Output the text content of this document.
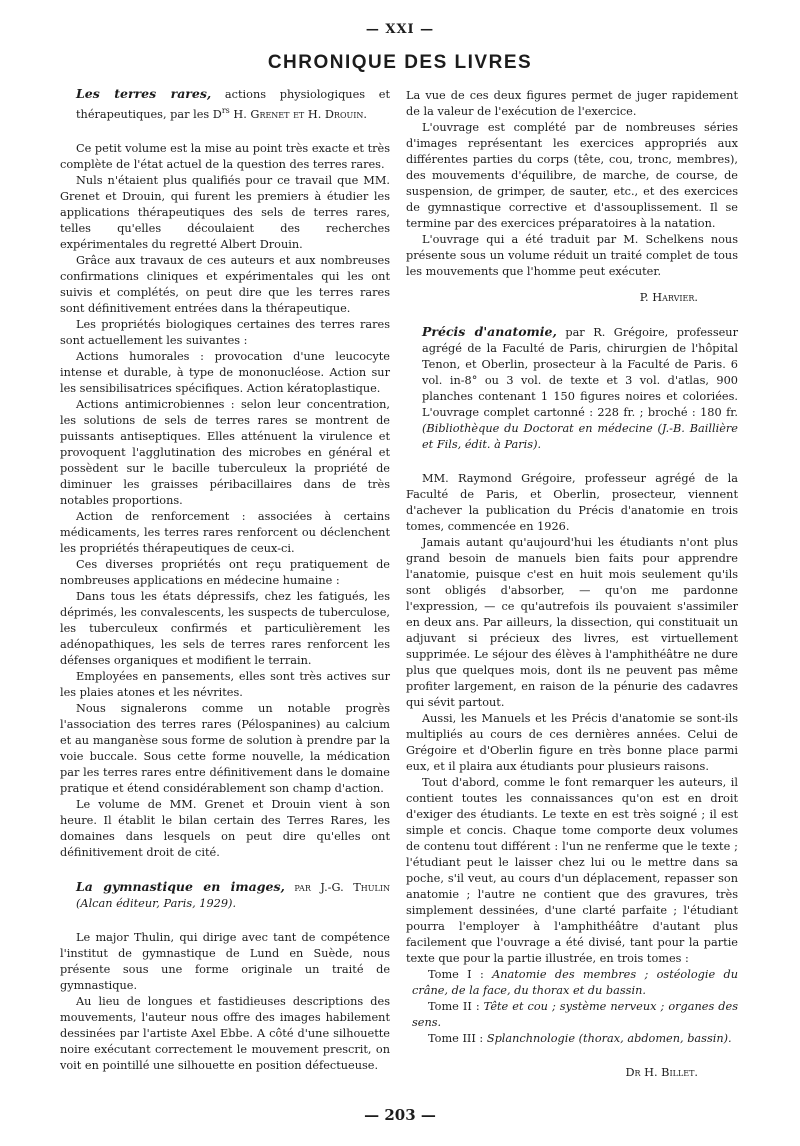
— XXI —
CHRONIQUE DES LIVRES

Les terres rares, actions physiologiques et thérapeutiques, par les $D^{rs}$ H. Grenet et H. Drouin.

Ce petit volume est la mise au point très exacte et très complète de l'état actuel de la question des terres rares.

Nuls n'étaient plus qualifiés pour ce travail que MM. Grenet et Drouin, qui furent les premiers à étudier les applications thérapeutiques des sels de terres rares, telles qu'elles découlaient des recherches expérimentales du regretté Albert Drouin.

Grâce aux travaux de ces auteurs et aux nombreuses confirmations cliniques et expérimentales qui les ont suivis et complétés, on peut dire que les terres rares sont définitivement entrées dans la thérapeutique.

Les propriétés biologiques certaines des terres rares sont actuellement les suivantes :

Actions humorales : provocation d'une leucocyte intense et durable, à type de mononucléose. Action sur les sensibilisatrices spécifiques. Action kératoplastique.

Actions antimicrobiennes : selon leur concentration, les solutions de sels de terres rares se montrent de puissants antiseptiques. Elles atténuent la virulence et provoquent l'agglutination des microbes en général et possèdent sur le bacille tuberculeux la propriété de diminuer les graisses péribacillaires dans de très notables proportions.

Action de renforcement : associées à certains médicaments, les terres rares renforcent ou déclenchent les propriétés thérapeutiques de ceux-ci.

Ces diverses propriétés ont reçu pratiquement de nombreuses applications en médecine humaine :

Dans tous les états dépressifs, chez les fatigués, les déprimés, les convalescents, les suspects de tuberculose, les tuberculeux confirmés et particulièrement les adénopathiques, les sels de terres rares renforcent les défenses organiques et modifient le terrain.

Employées en pansements, elles sont très actives sur les plaies atones et les névrites.

Nous signalerons comme un notable progrès l'association des terres rares (Pélospanines) au calcium et au manganèse sous forme de solution à prendre par la voie buccale. Sous cette forme nouvelle, la médication par les terres rares entre définitivement dans le domaine pratique et étend considérablement son champ d'action.

Le volume de MM. Grenet et Drouin vient à son heure. Il établit le bilan certain des Terres Rares, les domaines dans lesquels on peut dire qu'elles ont définitivement droit de cité.

La gymnastique en images, par J.-G. Thulin (Alcan éditeur, Paris, 1929).

Le major Thulin, qui dirige avec tant de compétence l'institut de gymnastique de Lund en Suède, nous présente sous une forme originale un traité de gymnastique.

Au lieu de longues et fastidieuses descriptions des mouvements, l'auteur nous offre des images habilement dessinées par l'artiste Axel Ebbe. A côté d'une silhouette noire exécutant correctement le mouvement prescrit, on voit en pointillé une silhouette en position défectueuse.

La vue de ces deux figures permet de juger rapidement de la valeur de l'exécution de l'exercice.

L'ouvrage est complété par de nombreuses séries d'images représentant les exercices appropriés aux différentes parties du corps (tête, cou, tronc, membres), des mouvements d'équilibre, de marche, de course, de suspension, de grimper, de sauter, etc., et des exercices de gymnastique corrective et d'assouplissement. Il se termine par des exercices préparatoires à la natation.

L'ouvrage qui a été traduit par M. Schelkens nous présente sous un volume réduit un traité complet de tous les mouvements que l'homme peut exécuter.

P. Harvier.

Précis d'anatomie, par R. Grégoire, professeur agrégé de la Faculté de Paris, chirurgien de l'hôpital Tenon, et Oberlin, prosecteur à la Faculté de Paris. 6 vol. in-8° ou 3 vol. de texte et 3 vol. d'atlas, 900 planches contenant 1 150 figures noires et coloriées. L'ouvrage complet cartonné : 228 fr. ; broché : 180 fr. (Bibliothèque du Doctorat en médecine (J.-B. Baillière et Fils, édit. à Paris).

MM. Raymond Grégoire, professeur agrégé de la Faculté de Paris, et Oberlin, prosecteur, viennent d'achever la publication du Précis d'anatomie en trois tomes, commencée en 1926.

Jamais autant qu'aujourd'hui les étudiants n'ont plus grand besoin de manuels bien faits pour apprendre l'anatomie, puisque c'est en huit mois seulement qu'ils sont obligés d'absorber, — qu'on me pardonne l'expression, — ce qu'autrefois ils pouvaient s'assimiler en deux ans. Par ailleurs, la dissection, qui constituait un adjuvant si précieux des livres, est virtuellement supprimée. Le séjour des élèves à l'amphithéâtre ne dure plus que quelques mois, dont ils ne peuvent pas même profiter largement, en raison de la pénurie des cadavres qui sévit partout.

Aussi, les Manuels et les Précis d'anatomie se sont-ils multipliés au cours de ces dernières années. Celui de Grégoire et d'Oberlin figure en très bonne place parmi eux, et il plaira aux étudiants pour plusieurs raisons.

Tout d'abord, comme le font remarquer les auteurs, il contient toutes les connaissances qu'on est en droit d'exiger des étudiants. Le texte en est très soigné ; il est simple et concis. Chaque tome comporte deux volumes de contenu tout différent : l'un ne renferme que le texte ; l'étudiant peut le laisser chez lui ou le mettre dans sa poche, s'il veut, au cours d'un déplacement, repasser son anatomie ; l'autre ne contient que des gravures, très simplement dessinées, d'une clarté parfaite ; l'étudiant pourra l'employer à l'amphithéâtre d'autant plus facilement que l'ouvrage a été divisé, tant pour la partie texte que pour la partie illustrée, en trois tomes :

Tome I : Anatomie des membres ; ostéologie du crâne, de la face, du thorax et du bassin.

Tome II : Tête et cou ; système nerveux ; organes des sens.

Tome III : Splanchnologie (thorax, abdomen, bassin).

Dr H. Billet.

— 203 —
